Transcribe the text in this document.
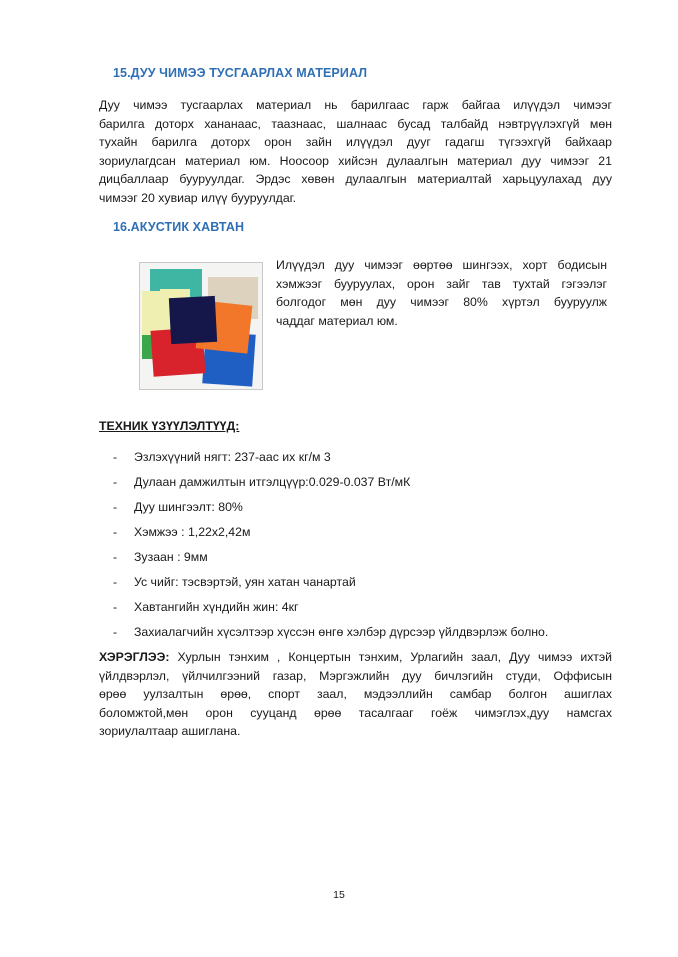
15.ДУУ ЧИМЭЭ ТУСГААРЛАХ МАТЕРИАЛ
Дуу чимээ тусгаарлах материал нь барилгаас гарж байгаа илүүдэл чимээг
барилга доторх хананаас, таазнаас, шалнаас бусад талбайд нэвтрүүлэхгүй мөн
тухайн барилга доторх орон зайн илүүдэл дууг гадагш түгээхгүй байхаар
зориулагдсан материал юм. Ноосоор хийсэн дулаалгын материал дуу чимээг 21
дицбаллаар бууруулдаг. Эрдэс хөвөн дулаалгын материалтай харьцуулахад дуу
чимээг 20 хувиар илүү бууруулдаг.
16.АКУСТИК ХАВТАН
Илүүдэл дуу чимээг өөртөө шингээх, хорт бодисын
хэмжээг бууруулах, орон зайг тав тухтай гэгээлэг
болгодог мөн дуу чимээг 80% хүртэл бууруулж
чаддаг материал юм.
ТЕХНИК ҮЗҮҮЛЭЛТҮҮД:
- Эзлэхүүний нягт: 237-аас их кг/м 3
- Дулаан дамжилтын итгэлцүүр:0.029-0.037 Вт/мК
- Дуу шингээлт: 80%
- Хэмжээ : 1,22x2,42м
- Зузаан : 9мм
- Ус чийг: тэсвэртэй, уян хатан чанартай
- Хавтангийн хүндийн жин: 4кг
- Захиалагчийн хүсэлтээр хүссэн өнгө хэлбэр дүрсээр үйлдвэрлэж болно.
ХЭРЭГЛЭЭ: Хурлын тэнхим , Концертын тэнхим, Урлагийн заал, Дуу чимээ ихтэй
үйлдвэрлэл, үйлчилгээний газар, Мэргэжлийн дуу бичлэгийн студи, Оффисын
өрөө уулзалтын өрөө, спорт заал, мэдээллийн самбар болгон ашиглах
боломжтой,мөн орон сууцанд өрөө тасалгааг гоёж чимэглэх,дуу намсгах
зориулалтаар ашиглана.
15
